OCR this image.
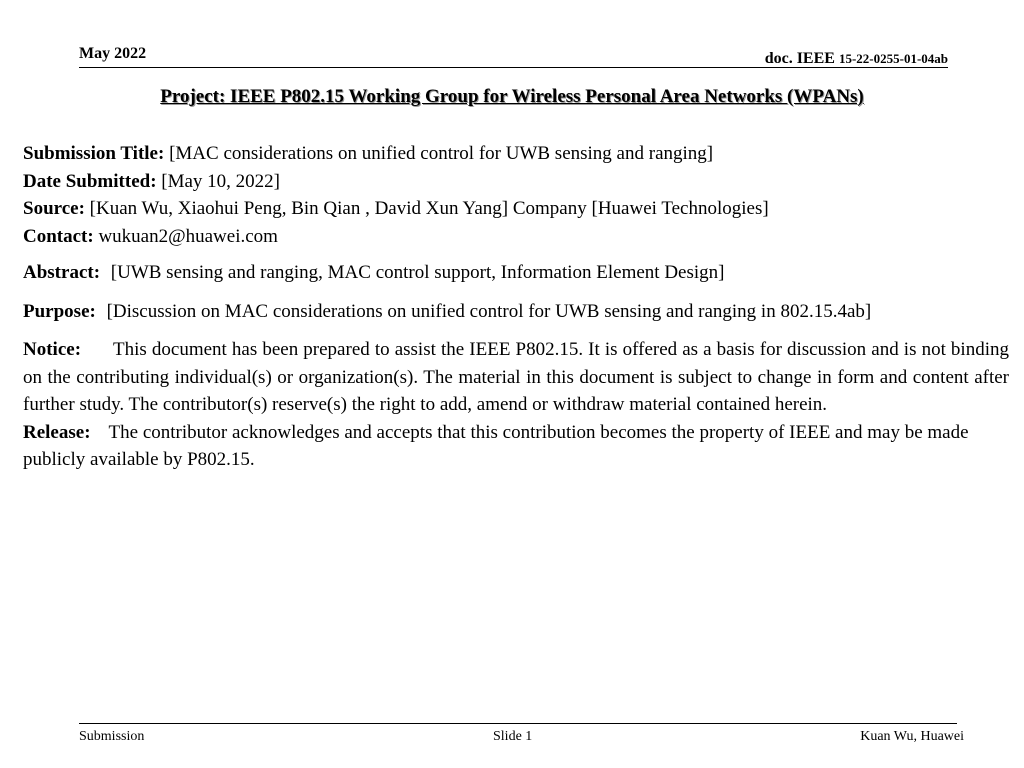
May 2022	doc. IEEE 15-22-0255-01-04ab
Project: IEEE P802.15 Working Group for Wireless Personal Area Networks (WPANs)

Submission Title: [MAC considerations on unified control for UWB sensing and ranging]

Date Submitted: [May 10, 2022]

Source: [Kuan Wu, Xiaohui Peng, Bin Qian , David Xun Yang] Company [Huawei Technologies]

Contact: wukuan2@huawei.com

Abstract: [UWB sensing and ranging, MAC control support, Information Element Design]

Purpose: [Discussion on MAC considerations on unified control for UWB sensing and ranging in 802.15.4ab]

Notice: This document has been prepared to assist the IEEE P802.15. It is offered as a basis for discussion and is not binding on the contributing individual(s) or organization(s). The material in this document is subject to change in form and content after further study. The contributor(s) reserve(s) the right to add, amend or withdraw material contained herein.

Release: The contributor acknowledges and accepts that this contribution becomes the property of IEEE and may be made publicly available by P802.15.

Submission	Slide 1	Kuan Wu, Huawei
